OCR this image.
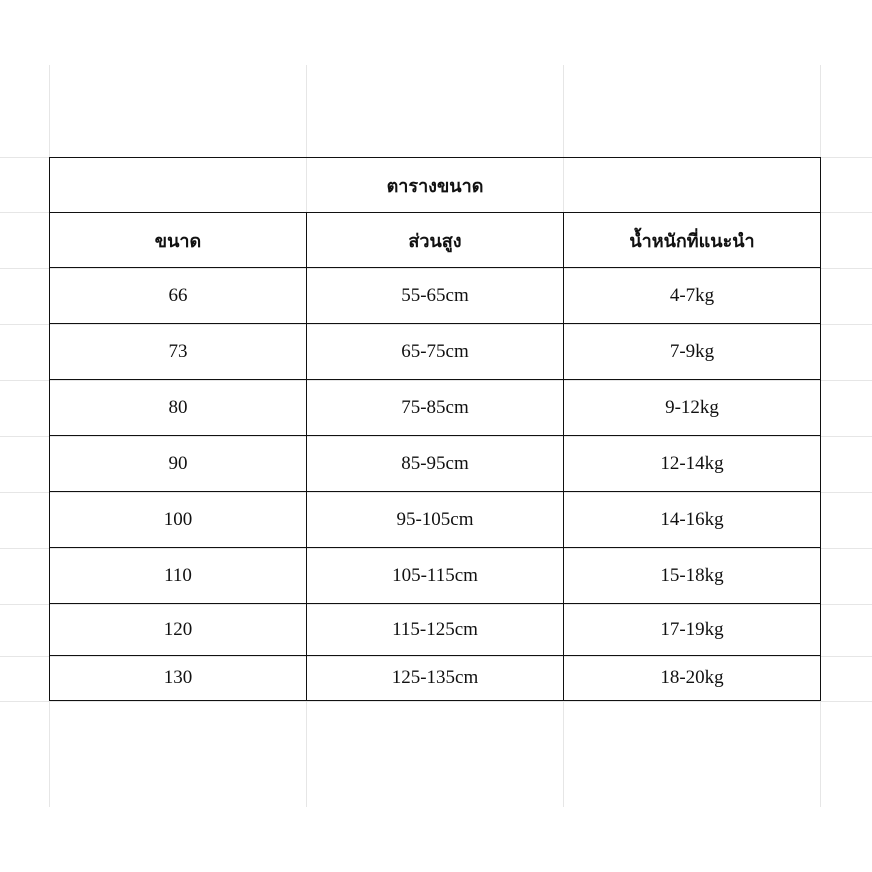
ตารางขนาด		
ขนาด	ส่วนสูง	น้ำหนักที่แนะนำ
66	55-65cm	4-7kg
73	65-75cm	7-9kg
80	75-85cm	9-12kg
90	85-95cm	12-14kg
100	95-105cm	14-16kg
110	105-115cm	15-18kg
120	115-125cm	17-19kg
130	125-135cm	18-20kg
